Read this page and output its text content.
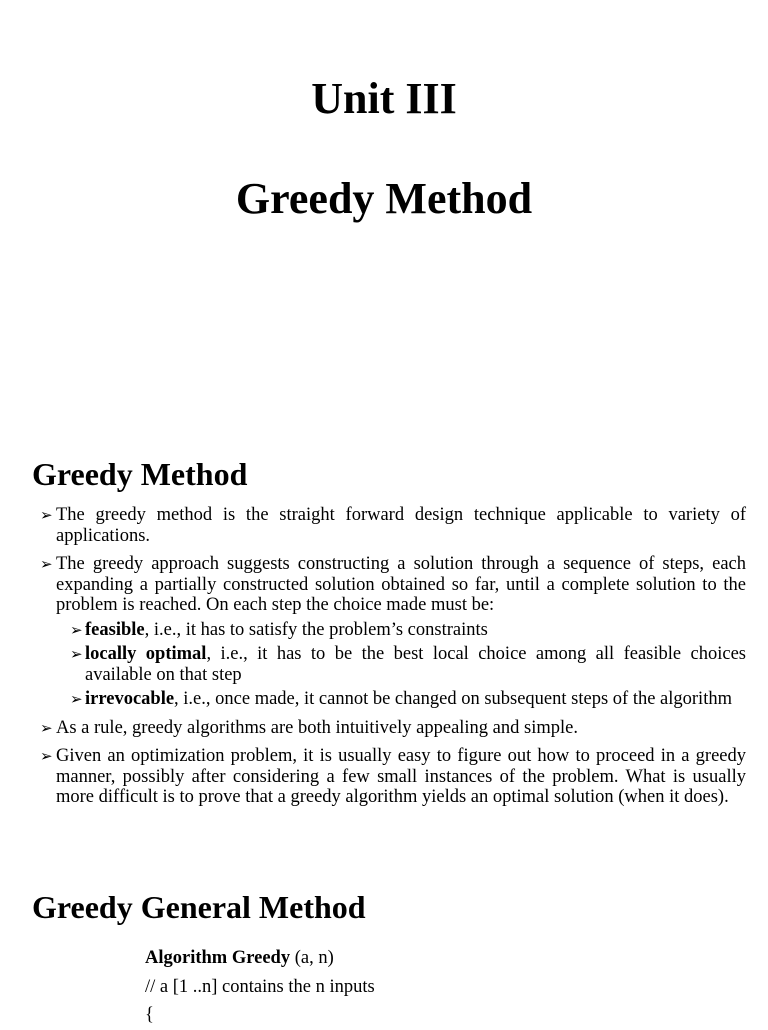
Unit III
Greedy Method
Greedy Method
➢ The greedy method is the straight forward design technique applicable to variety of applications.
➢ The greedy approach suggests constructing a solution through a sequence of steps, each expanding a partially constructed solution obtained so far, until a complete solution to the problem is reached. On each step the choice made must be:
➢ feasible, i.e., it has to satisfy the problem’s constraints
➢ locally optimal, i.e., it has to be the best local choice among all feasible choices available on that step
➢ irrevocable, i.e., once made, it cannot be changed on subsequent steps of the algorithm
➢ As a rule, greedy algorithms are both intuitively appealing and simple.
➢ Given an optimization problem, it is usually easy to figure out how to proceed in a greedy manner, possibly after considering a few small instances of the problem. What is usually more difficult is to prove that a greedy algorithm yields an optimal solution (when it does).
Greedy General Method
Algorithm Greedy (a, n)
// a [1 ..n] contains the n inputs
{
